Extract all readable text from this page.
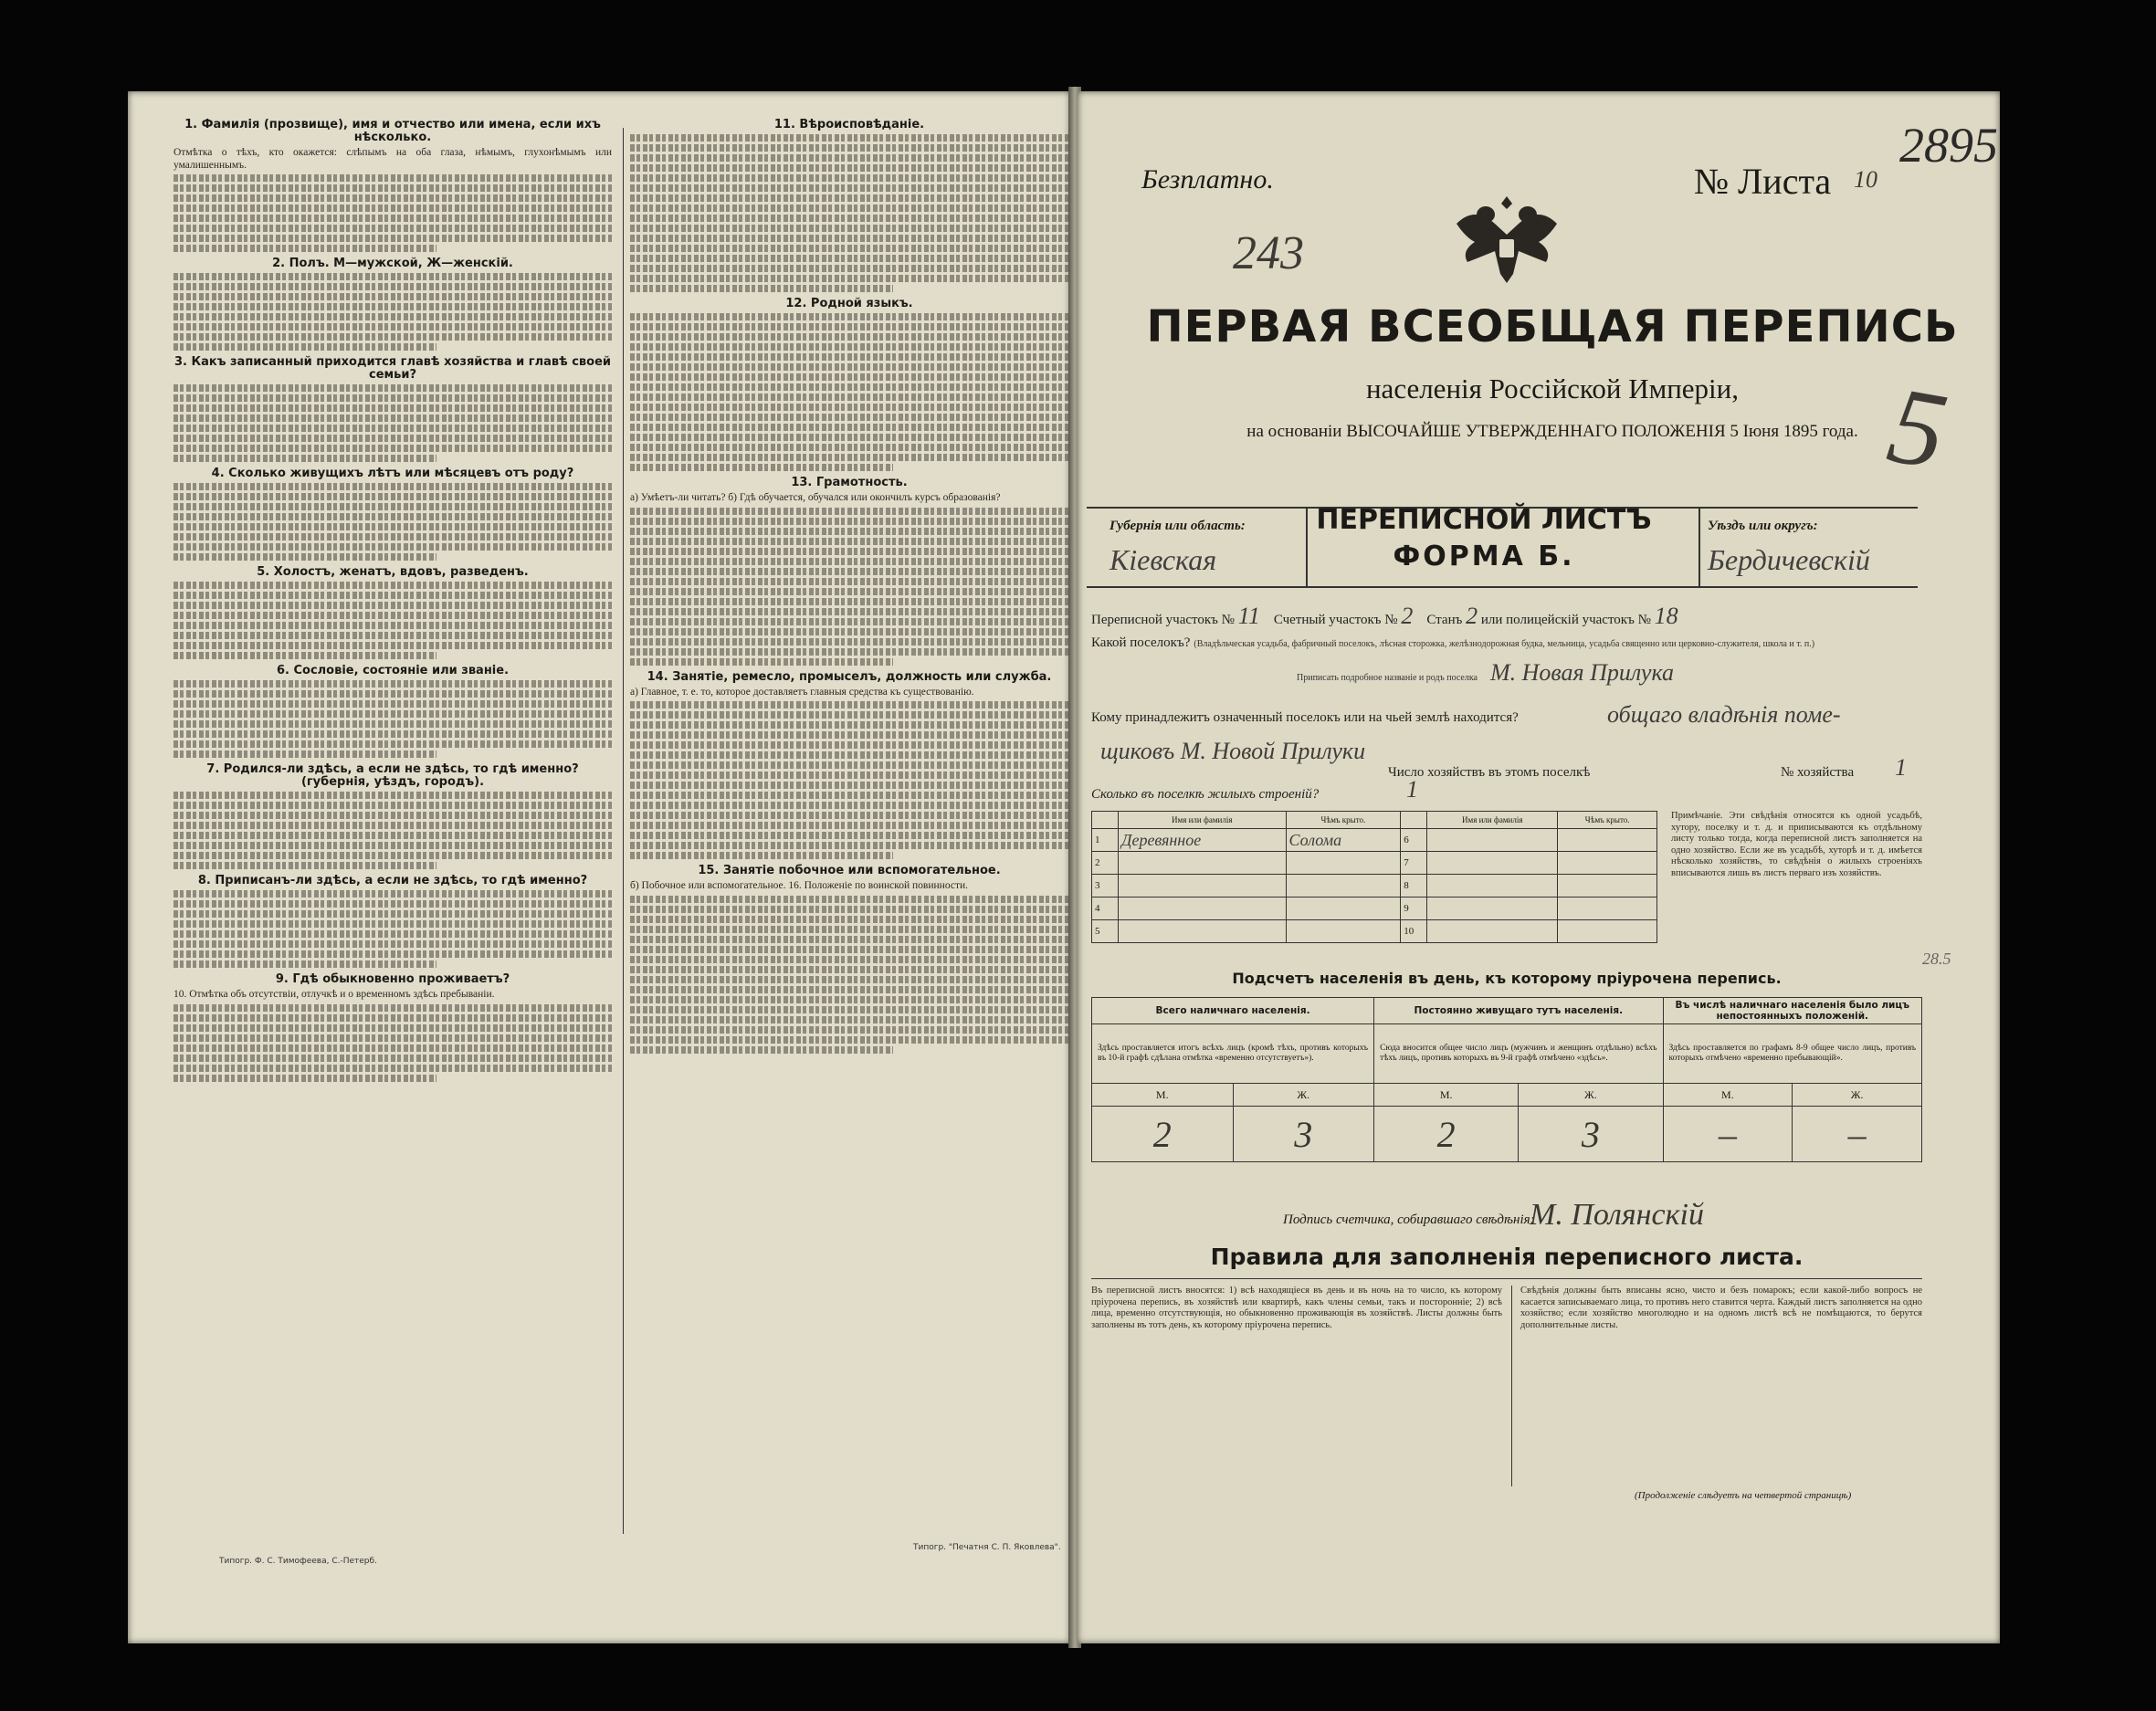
1. Фамилія (прозвище), имя и отчество или имена, если ихъ нѣсколько.
Отмѣтка о тѣхъ, кто окажется: слѣпымъ на оба глаза, нѣмымъ, глухонѣмымъ или умалишеннымъ.
2. Полъ. М—мужской, Ж—женскій.
3. Какъ записанный приходится главѣ хозяйства и главѣ своей семьи?
4. Сколько живущихъ лѣтъ или мѣсяцевъ отъ роду?
5. Холостъ, женатъ, вдовъ, разведенъ.
6. Сословіе, состояніе или званіе.
7. Родился-ли здѣсь, а если не здѣсь, то гдѣ именно? (губернія, уѣздъ, городъ).
8. Приписанъ-ли здѣсь, а если не здѣсь, то гдѣ именно?
9. Гдѣ обыкновенно проживаетъ?
10. Отмѣтка объ отсутствіи, отлучкѣ и о временномъ здѣсь пребываніи.
11. Вѣроисповѣданіе.
12. Родной языкъ.
13. Грамотность.
а) Умѣетъ-ли читать? б) Гдѣ обучается, обучался или окончилъ курсъ образованія?
14. Занятіе, ремесло, промыселъ, должность или служба.
а) Главное, т. е. то, которое доставляетъ главныя средства къ существованію.
15. Занятіе побочное или вспомогательное.
б) Побочное или вспомогательное. 16. Положеніе по воинской повинности.
Типогр. Ф. С. Тимофеева, С.-Петерб.
Типогр. "Печатня С. П. Яковлева".
2895
Безплатно.	№ Листа 10
243
ПЕРВАЯ ВСЕОБЩАЯ ПЕРЕПИСЬ
населенія Россійской Имперіи,
на основаніи ВЫСОЧАЙШЕ УТВЕРЖДЕННАГО ПОЛОЖЕНІЯ 5 Іюня 1895 года. 5
Губернія или область:
Кіевская
ПЕРЕПИСНОЙ ЛИСТЪ
ФОРМА Б.
Уѣздъ или округъ:
Бердичевскій
Переписной участокъ № 11 Счетный участокъ № 2 Станъ 2 или полицейскій участокъ № 18
Какой поселокъ? (Владѣльческая усадьба, фабричный поселокъ, лѣсная сторожка, желѣзнодорожная будка, мельница, усадьба священно или церковно-служителя, школа и т. п.)
Приписать подробное названіе и родъ поселка М. Новая Прилука
Кому принадлежитъ означенный поселокъ или на чьей землѣ находится?	общаго владѣнія поме-
щиковъ М. Новой Прилуки
Число хозяйствъ въ этомъ поселкѣ	№ хозяйства 1
Сколько въ поселкѣ жилыхъ строеній?	1
	Имя или фамилія	Чѣмъ крыто.		Имя или фамилія	Чѣмъ крыто.
1	Деревянное	Солома	6		
2			7		
3			8		
4			9		
5			10		
Примѣчаніе. Эти свѣдѣнія относятся къ одной усадьбѣ, хутору, поселку и т. д. и приписываются къ отдѣльному листу только тогда, когда переписной листъ заполняется на одно хозяйство. Если же въ усадьбѣ, хуторѣ и т. д. имѣется нѣсколько хозяйствъ, то свѣдѣнія о жилыхъ строеніяхъ вписываются лишь въ листъ перваго изъ хозяйствъ.
Подсчетъ населенія въ день, къ которому пріурочена перепись.
Всего наличнаго населенія.		Постоянно живущаго тутъ населенія.		Въ числѣ наличнаго населенія было лицъ непостоянныхъ положеній.	
Здѣсь проставляется итогъ всѣхъ лицъ (кромѣ тѣхъ, противъ которыхъ въ 10-й графѣ сдѣлана отмѣтка «временно отсутствуетъ»).		Сюда вносится общее число лицъ (мужчинъ и женщинъ отдѣльно) всѣхъ тѣхъ лицъ, противъ которыхъ въ 9-й графѣ отмѣчено «здѣсь».		Здѣсь проставляется по графамъ 8-9 общее число лицъ, противъ которыхъ отмѣчено «временно пребывающій».	
М.	Ж.	М.	Ж.	М.	Ж.
2	3	2	3	–	–
28.5
Подпись счетчика, собиравшаго свѣдѣнія:
М. Полянскій
Правила для заполненія переписного листа.
Въ переписной листъ вносятся: 1) всѣ находящіеся въ день и въ ночь на то число, къ которому пріурочена перепись, въ хозяйствѣ или квартирѣ, какъ члены семьи, такъ и посторонніе; 2) всѣ лица, временно отсутствующія, но обыкновенно проживающія въ хозяйствѣ. Листы должны быть заполнены въ тотъ день, къ которому пріурочена перепись.
Свѣдѣнія должны быть вписаны ясно, чисто и безъ помарокъ; если какой-либо вопросъ не касается записываемаго лица, то противъ него ставится черта. Каждый листъ заполняется на одно хозяйство; если хозяйство многолюдно и на одномъ листѣ всѣ не помѣщаются, то берутся дополнительные листы.
(Продолженіе слѣдуетъ на четвертой страницѣ)
